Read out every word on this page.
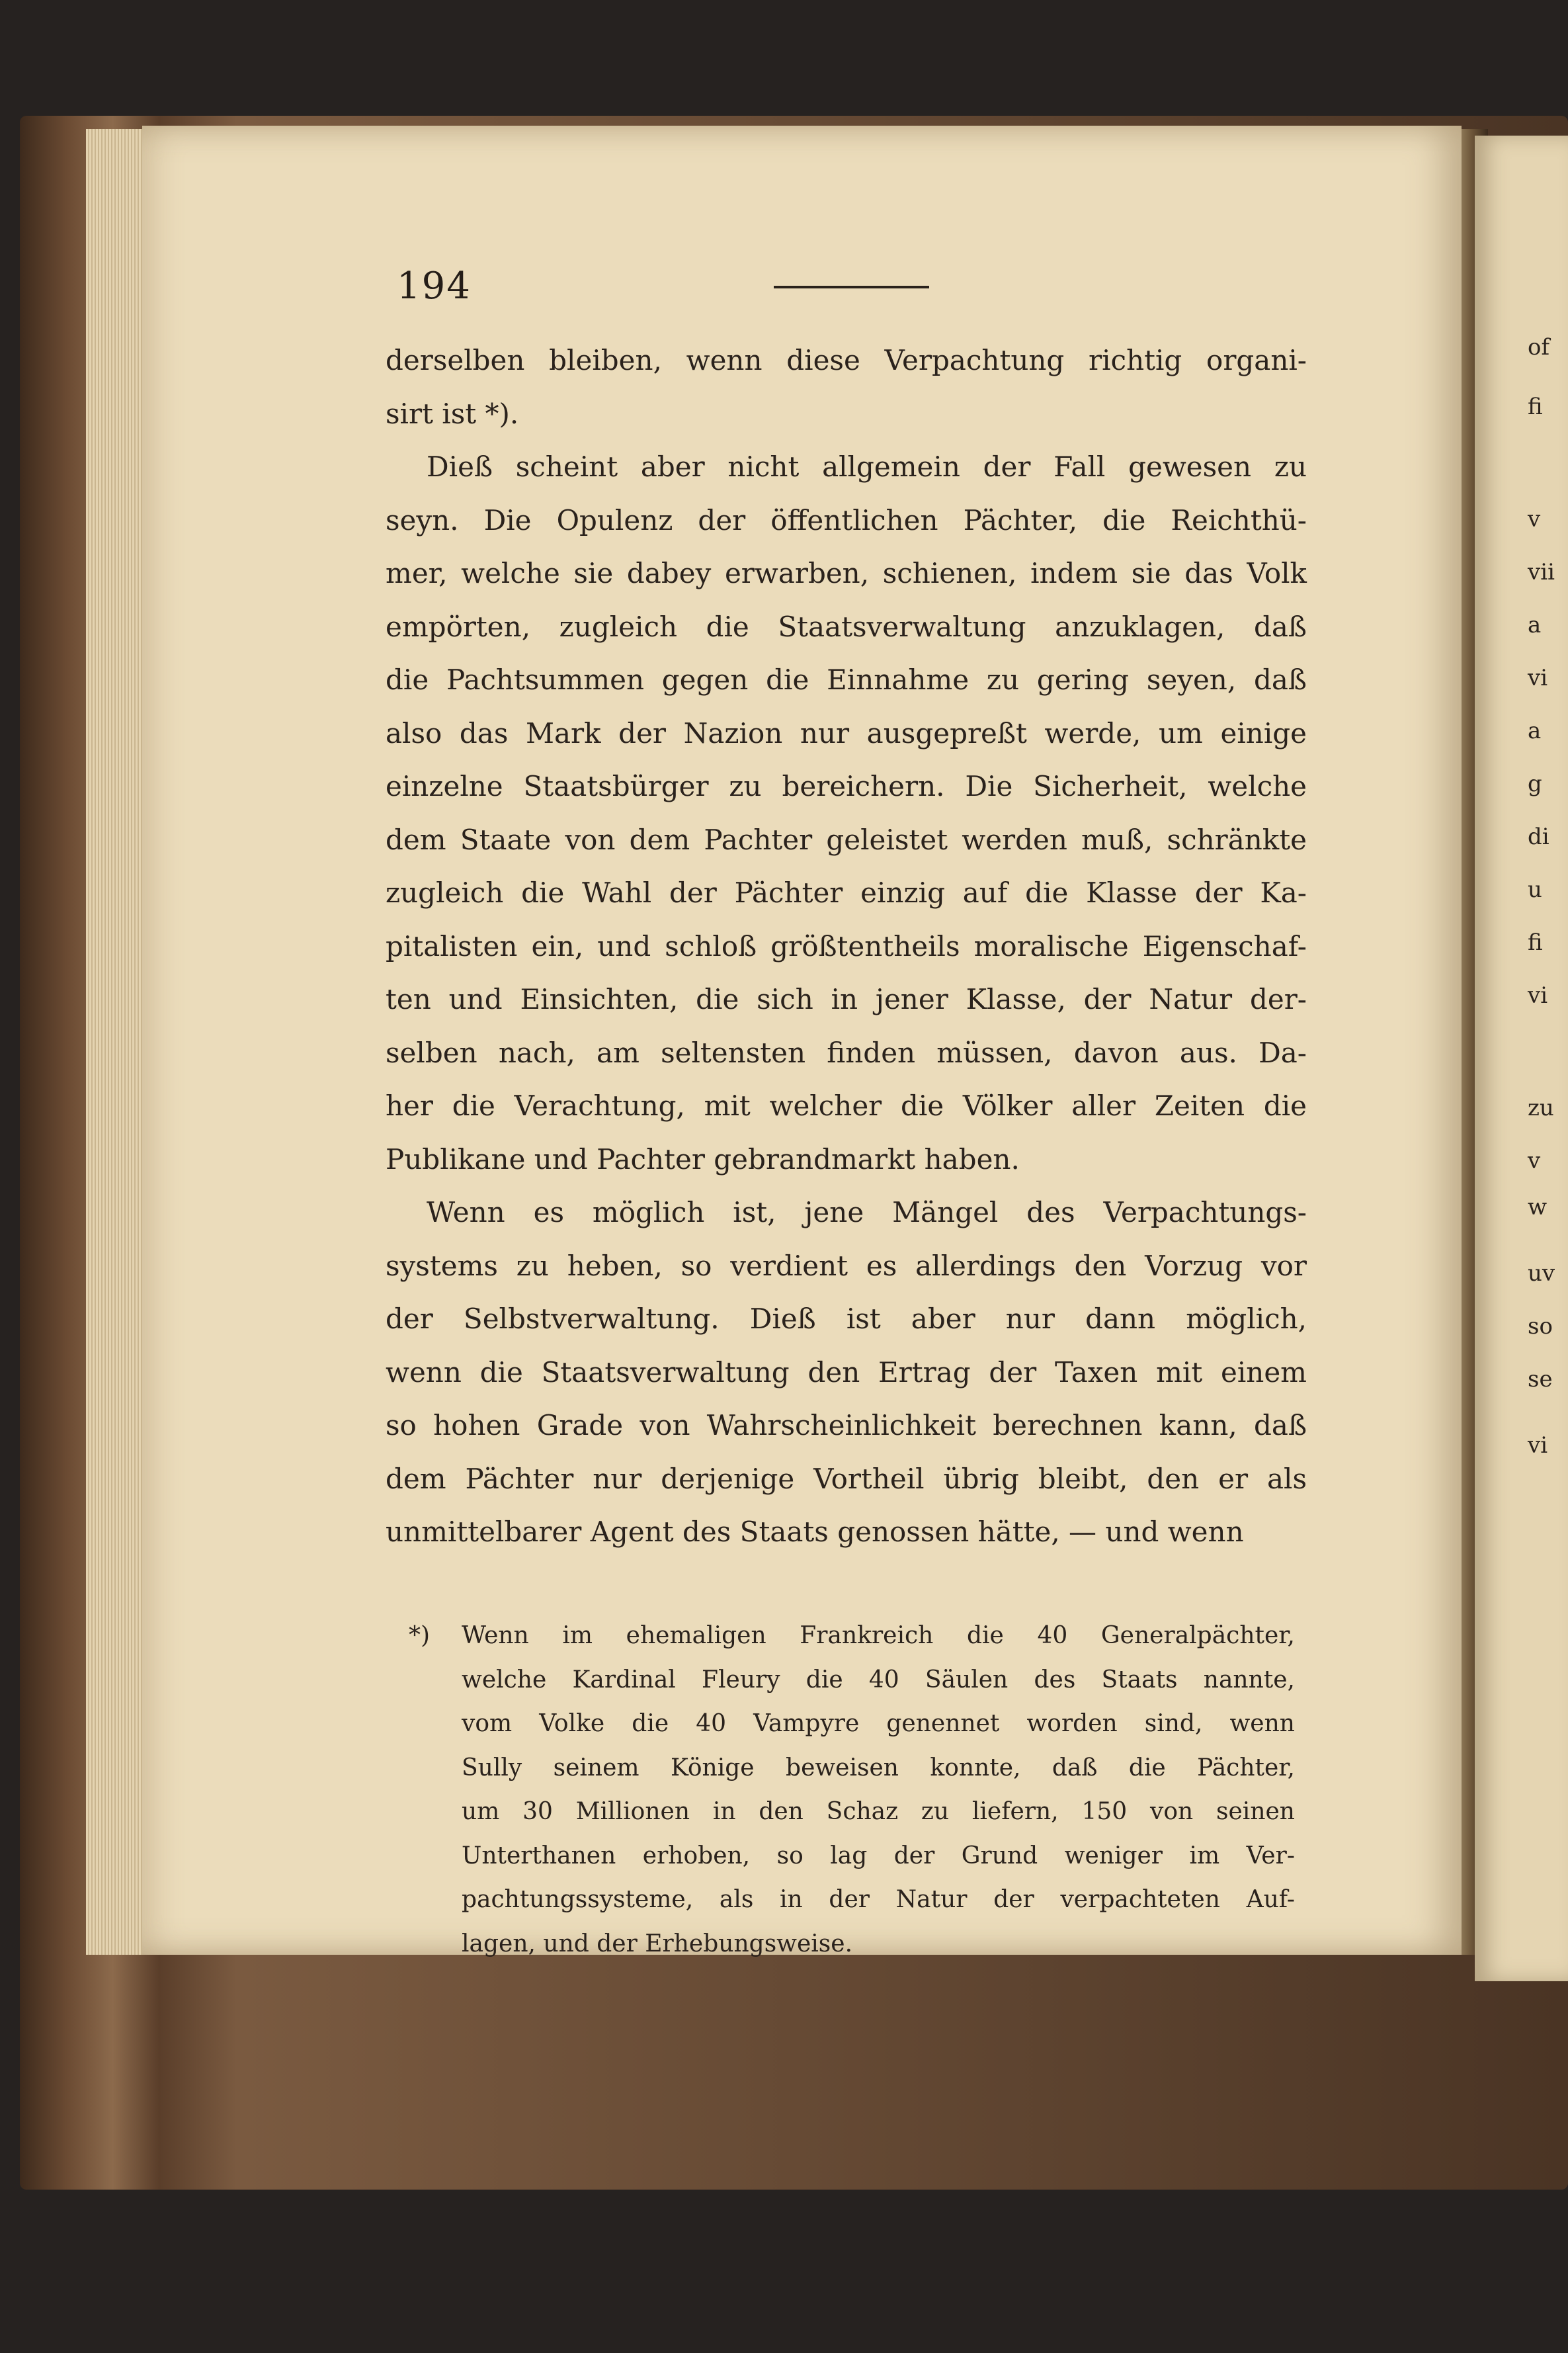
of
fi
v
vii
a
vi
a
g
di
u
fi
vi
zu
v
w
uv
so
se
vi
194
derselben bleiben, wenn diese Verpachtung richtig organi-
sirt ist *).
Dieß scheint aber nicht allgemein der Fall gewesen zu
seyn. Die Opulenz der öffentlichen Pächter, die Reichthü-
mer, welche sie dabey erwarben, schienen, indem sie das Volk
empörten, zugleich die Staatsverwaltung anzuklagen, daß
die Pachtsummen gegen die Einnahme zu gering seyen, daß
also das Mark der Nazion nur ausgepreßt werde, um einige
einzelne Staatsbürger zu bereichern. Die Sicherheit, welche
dem Staate von dem Pachter geleistet werden muß, schränkte
zugleich die Wahl der Pächter einzig auf die Klasse der Ka-
pitalisten ein, und schloß größtentheils moralische Eigenschaf-
ten und Einsichten, die sich in jener Klasse, der Natur der-
selben nach, am seltensten finden müssen, davon aus. Da-
her die Verachtung, mit welcher die Völker aller Zeiten die
Publikane und Pachter gebrandmarkt haben.
Wenn es möglich ist, jene Mängel des Verpachtungs-
systems zu heben, so verdient es allerdings den Vorzug vor
der Selbstverwaltung. Dieß ist aber nur dann möglich,
wenn die Staatsverwaltung den Ertrag der Taxen mit einem
so hohen Grade von Wahrscheinlichkeit berechnen kann, daß
dem Pächter nur derjenige Vortheil übrig bleibt, den er als
unmittelbarer Agent des Staats genossen hätte, — und wenn
*) Wenn im ehemaligen Frankreich die 40 Generalpächter,
welche Kardinal Fleury die 40 Säulen des Staats nannte,
vom Volke die 40 Vampyre genennet worden sind, wenn
Sully seinem Könige beweisen konnte, daß die Pächter,
um 30 Millionen in den Schaz zu liefern, 150 von seinen
Unterthanen erhoben, so lag der Grund weniger im Ver-
pachtungssysteme, als in der Natur der verpachteten Auf-
lagen, und der Erhebungsweise.
